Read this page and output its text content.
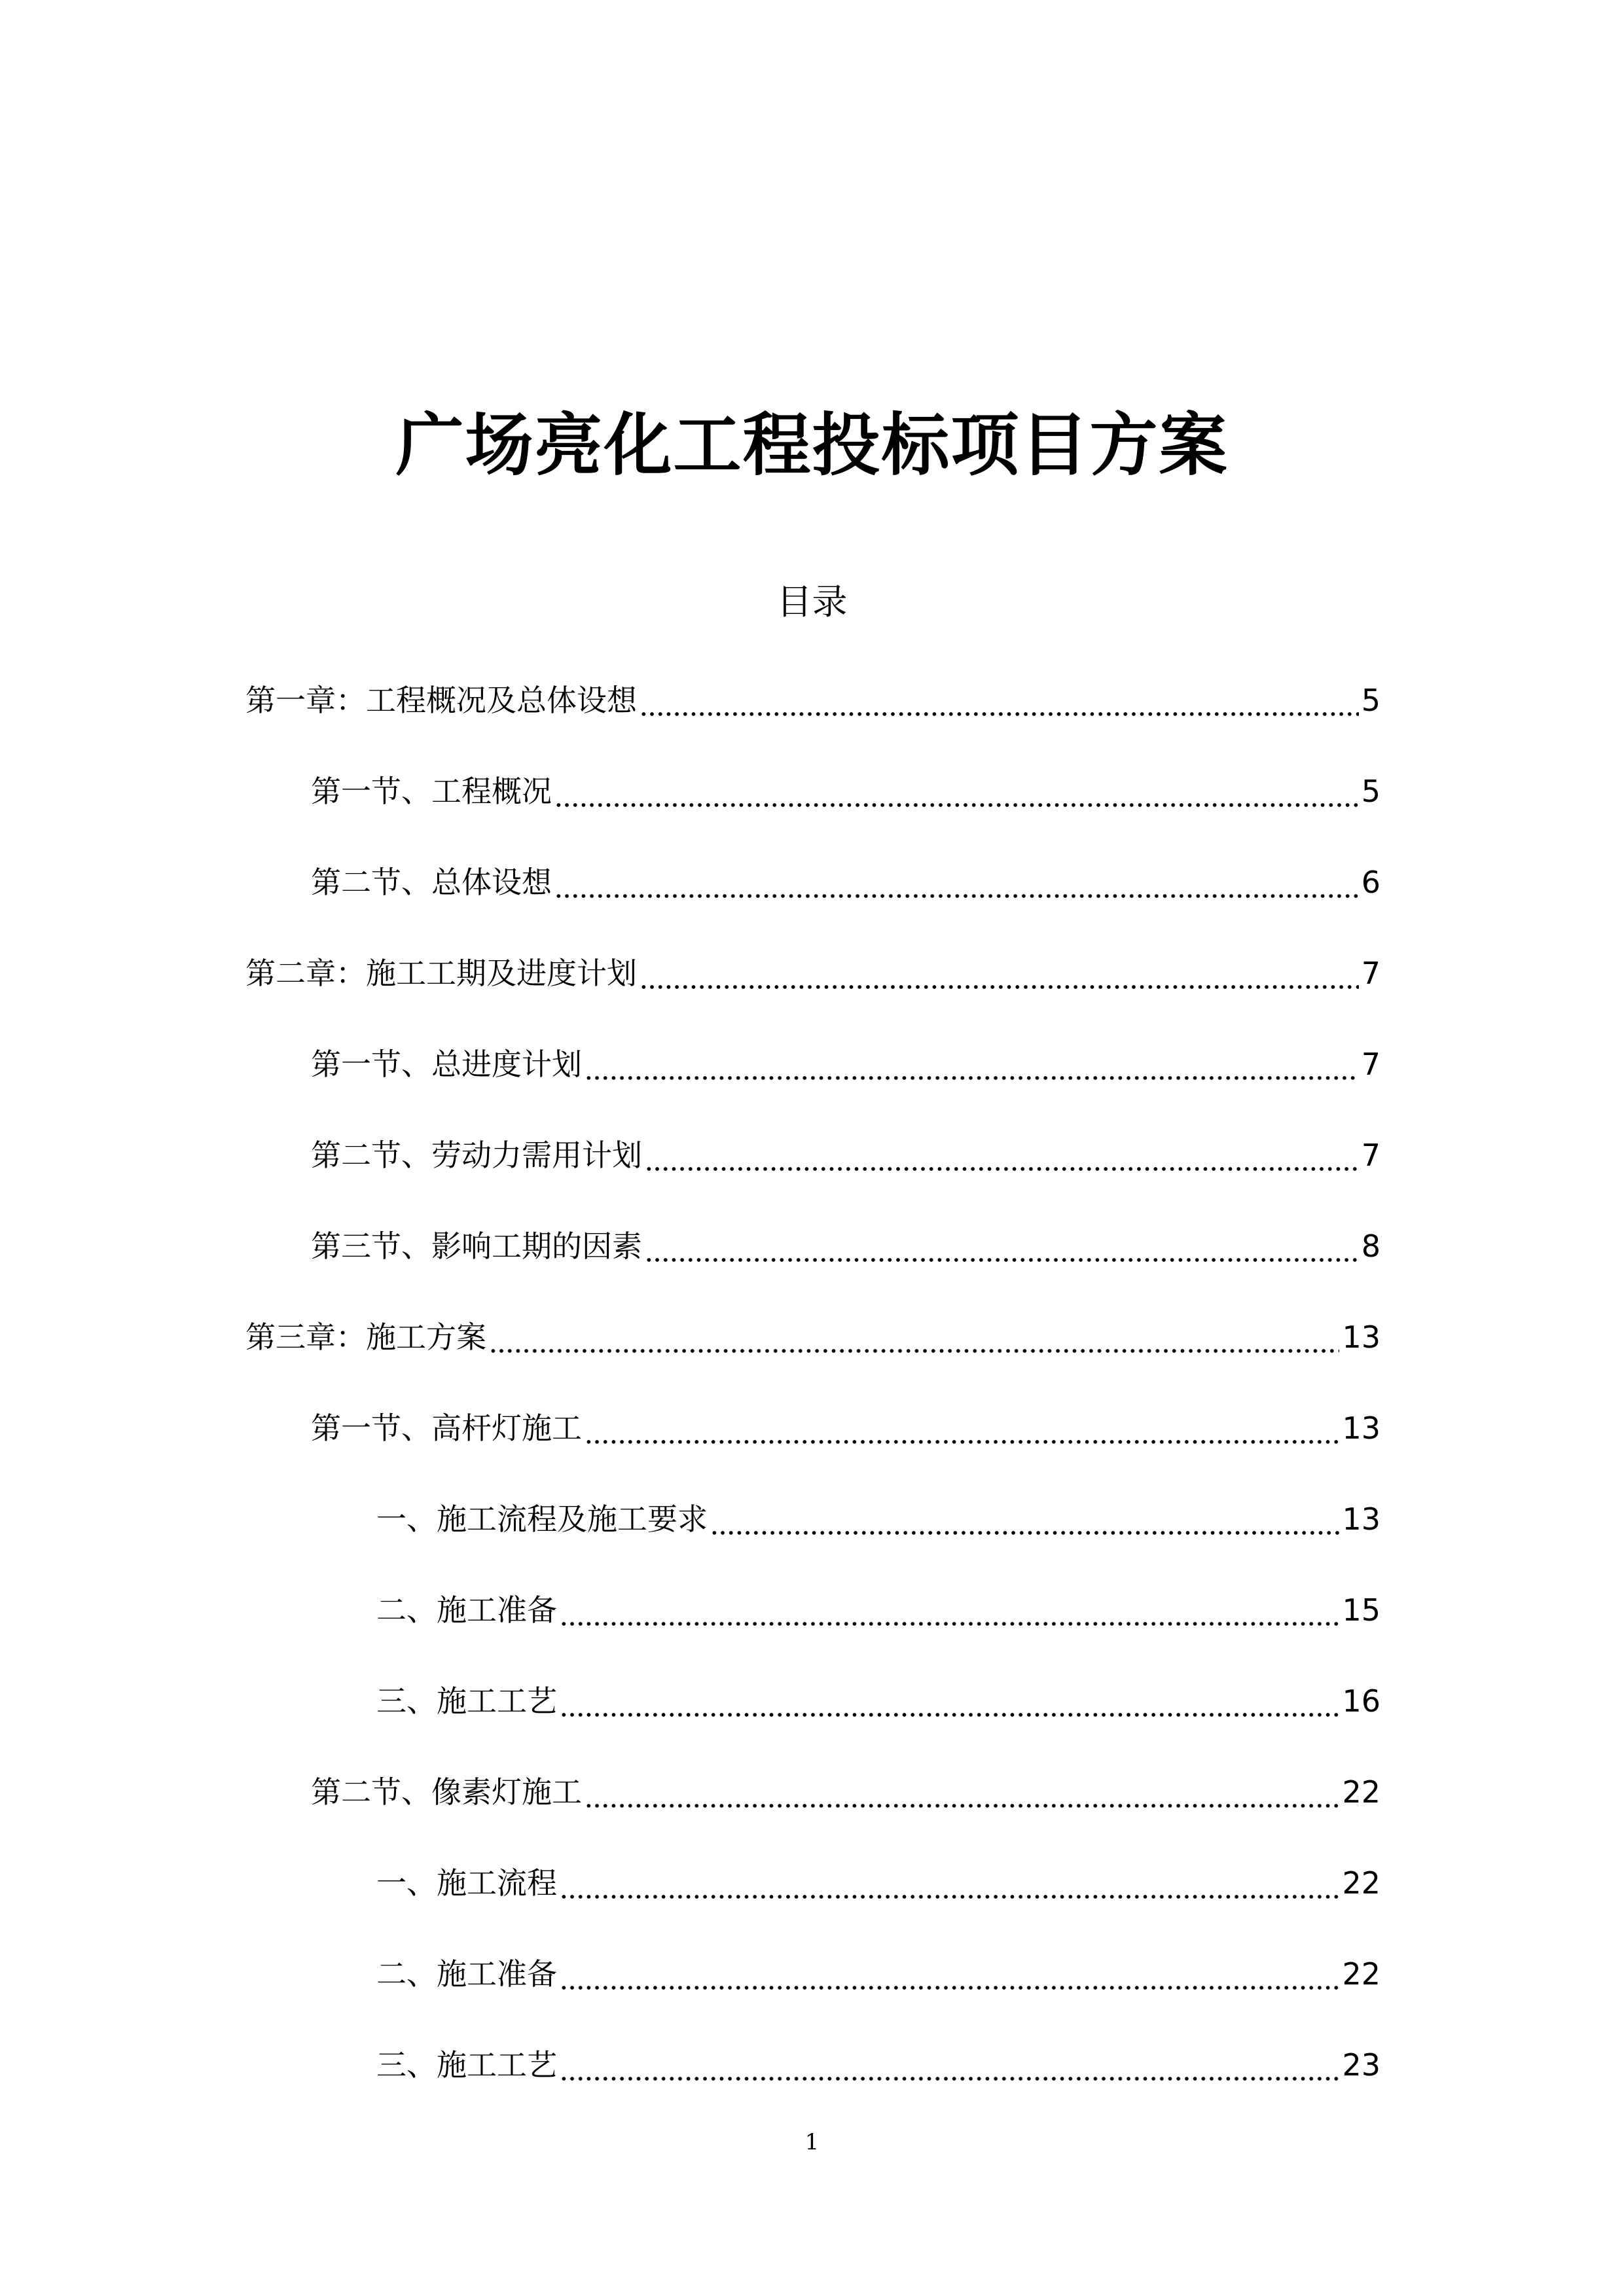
广场亮化工程投标项目方案
目录
第一章：工程概况及总体设想	5
第一节、工程概况	5
第二节、总体设想	6
第二章：施工工期及进度计划	7
第一节、总进度计划	7
第二节、劳动力需用计划	7
第三节、影响工期的因素	8
第三章：施工方案	13
第一节、高杆灯施工	13
一、施工流程及施工要求	13
二、施工准备	15
三、施工工艺	16
第二节、像素灯施工	22
一、施工流程	22
二、施工准备	22
三、施工工艺	23
1
